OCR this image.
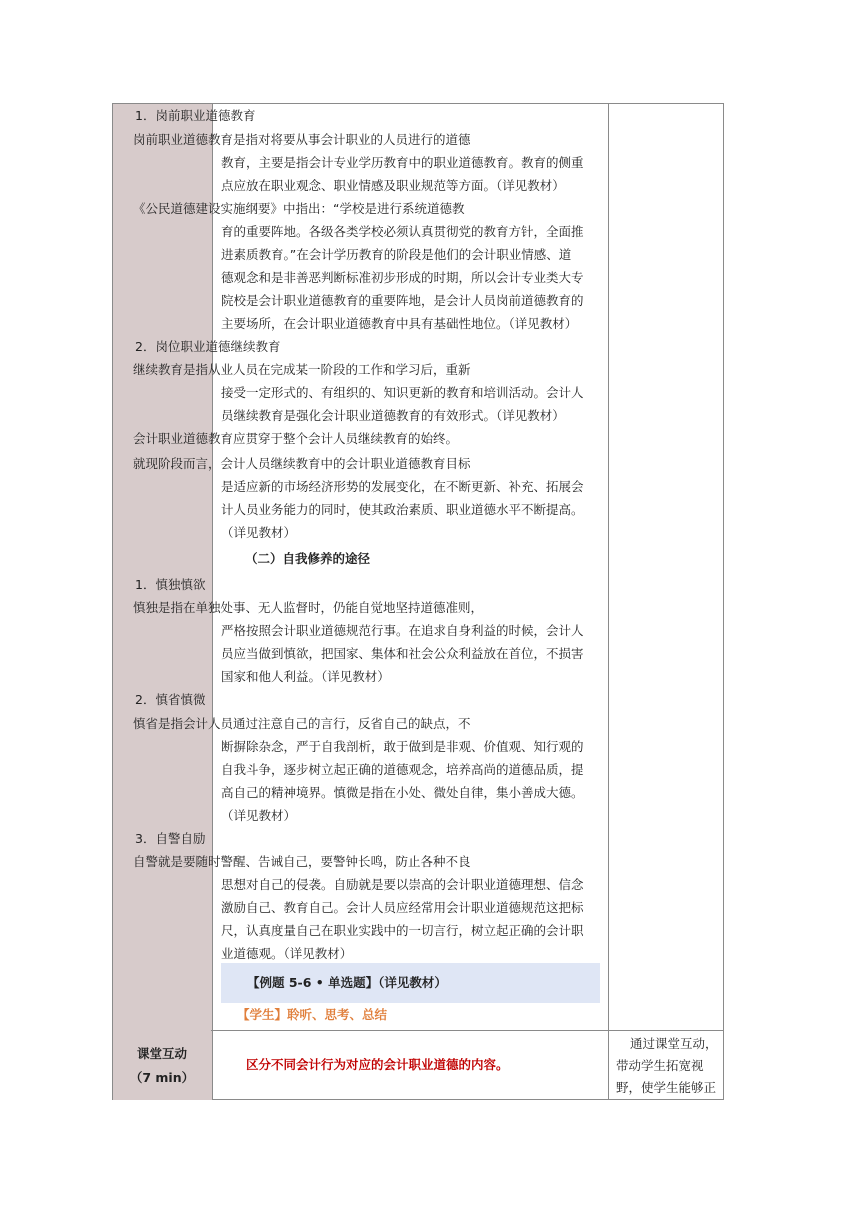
1．岗前职业道德教育
岗前职业道德教育是指对将要从事会计职业的人员进行的道德
教育，主要是指会计专业学历教育中的职业道德教育。教育的侧重
点应放在职业观念、职业情感及职业规范等方面。（详见教材）
《公民道德建设实施纲要》中指出：“学校是进行系统道德教
育的重要阵地。各级各类学校必须认真贯彻党的教育方针，全面推
进素质教育。”在会计学历教育的阶段是他们的会计职业情感、道
德观念和是非善恶判断标准初步形成的时期，所以会计专业类大专
院校是会计职业道德教育的重要阵地，是会计人员岗前道德教育的
主要场所，在会计职业道德教育中具有基础性地位。（详见教材）
2．岗位职业道德继续教育
继续教育是指从业人员在完成某一阶段的工作和学习后，重新
接受一定形式的、有组织的、知识更新的教育和培训活动。会计人
员继续教育是强化会计职业道德教育的有效形式。（详见教材）
会计职业道德教育应贯穿于整个会计人员继续教育的始终。
就现阶段而言，会计人员继续教育中的会计职业道德教育目标
是适应新的市场经济形势的发展变化，在不断更新、补充、拓展会
计人员业务能力的同时，使其政治素质、职业道德水平不断提高。
（详见教材）
（二）自我修养的途径
1．慎独慎欲
慎独是指在单独处事、无人监督时，仍能自觉地坚持道德准则，
严格按照会计职业道德规范行事。在追求自身利益的时候，会计人
员应当做到慎欲，把国家、集体和社会公众利益放在首位，不损害
国家和他人利益。（详见教材）
2．慎省慎微
慎省是指会计人员通过注意自己的言行，反省自己的缺点，不
断摒除杂念，严于自我剖析，敢于做到是非观、价值观、知行观的
自我斗争，逐步树立起正确的道德观念，培养高尚的道德品质，提
高自己的精神境界。慎微是指在小处、微处自律，集小善成大德。
（详见教材）
3．自警自励
自警就是要随时警醒、告诫自己，要警钟长鸣，防止各种不良
思想对自己的侵袭。自励就是要以崇高的会计职业道德理想、信念
激励自己、教育自己。会计人员应经常用会计职业道德规范这把标
尺，认真度量自己在职业实践中的一切言行，树立起正确的会计职
业道德观。（详见教材）
【例题 5-6 • 单选题】（详见教材）
【学生】聆听、思考、总结
课堂互动
（7 min）
区分不同会计行为对应的会计职业道德的内容。
通过课堂互动，
带动学生拓宽视
野，使学生能够正
